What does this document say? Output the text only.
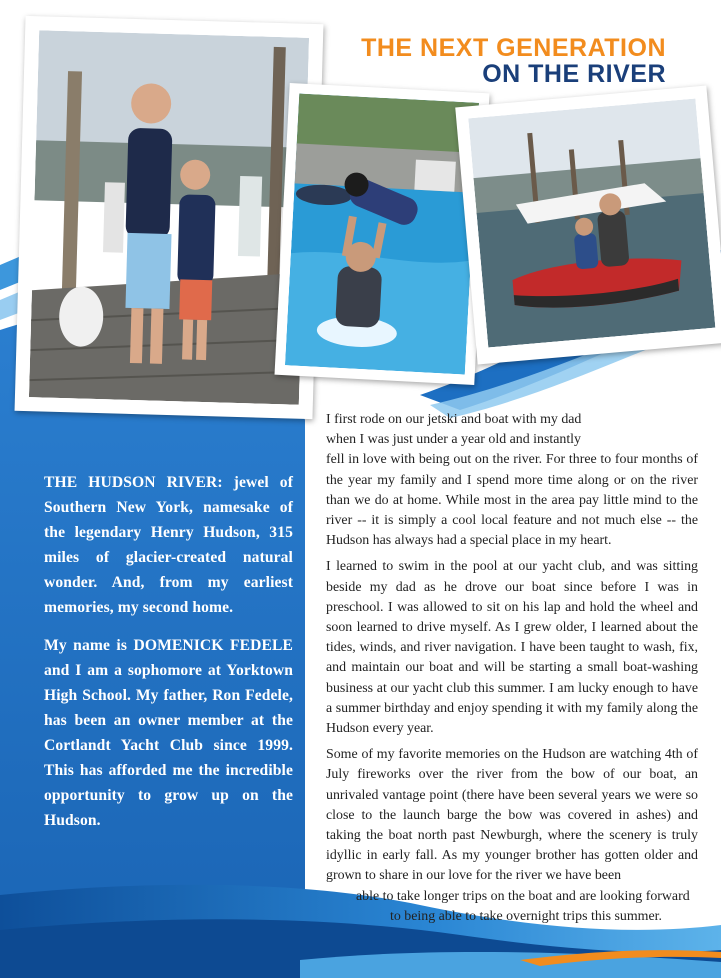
THE NEXT GENERATION
ON THE RIVER

THE HUDSON RIVER: jewel of Southern New York, namesake of the legendary Henry Hudson, 315 miles of glacier-created natural wonder. And, from my earliest memories, my second home.

My name is DOMENICK FEDELE and I am a sophomore at Yorktown High School. My father, Ron Fedele, has been an owner member at the Cortlandt Yacht Club since 1999. This has afforded me the incredible opportunity to grow up on the Hudson.

I first rode on our jetski and boat with my dad
when I was just under a year old and instantly
fell in love with being out on the river. For three to four months of the year my family and I spend more time along or on the river than we do at home. While most in the area pay little mind to the river -- it is simply a cool local feature and not much else -- the Hudson has always had a special place in my heart.

I learned to swim in the pool at our yacht club, and was sitting beside my dad as he drove our boat since before I was in preschool. I was allowed to sit on his lap and hold the wheel and soon learned to drive myself. As I grew older, I learned about the tides, winds, and river navigation. I have been taught to wash, fix, and maintain our boat and will be starting a small boat-washing business at our yacht club this summer. I am lucky enough to have a summer birthday and enjoy spending it with my family along the Hudson every year.

Some of my favorite memories on the Hudson are watching 4th of July fireworks over the river from the bow of our boat, an unrivaled vantage point (there have been several years we were so close to the launch barge the bow was covered in ashes) and taking the boat north past Newburgh, where the scenery is truly idyllic in early fall. As my younger brother has gotten older and grown to share in our love for the river we have been
able to take longer trips on the boat and are looking forward
to being able to take overnight trips this summer.
